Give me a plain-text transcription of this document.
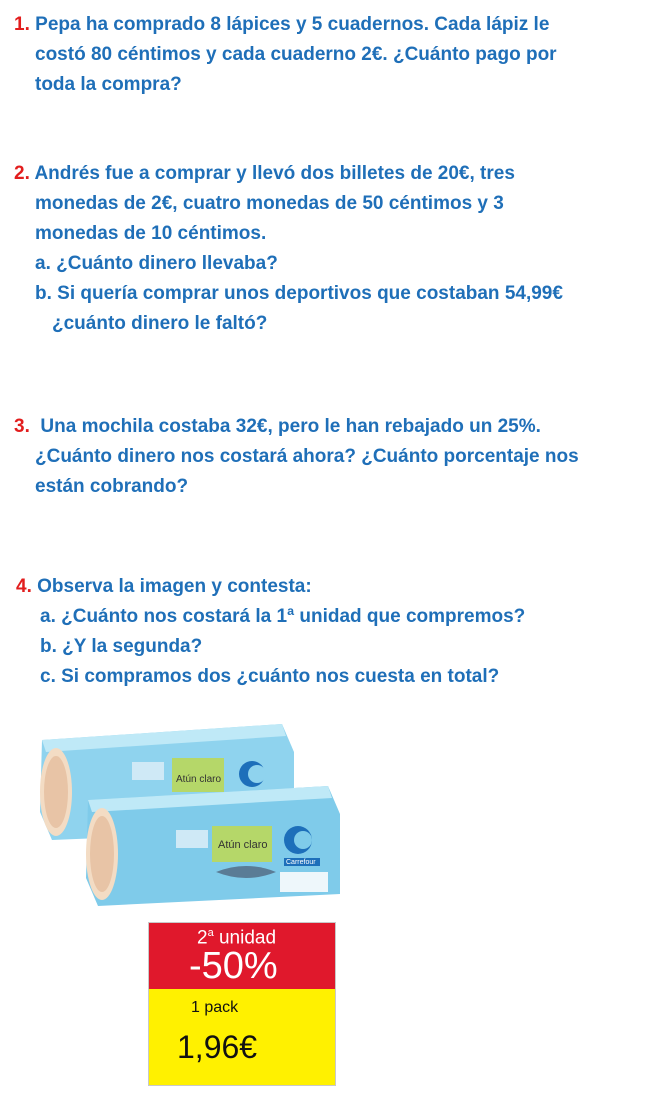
1. Pepa ha comprado 8 lápices y 5 cuadernos. Cada lápiz le
costó 80 céntimos y cada cuaderno 2€. ¿Cuánto pago por
toda la compra?
2. Andrés fue a comprar y llevó dos billetes de 20€, tres
monedas de 2€, cuatro monedas de 50 céntimos y 3
monedas de 10 céntimos.
a. ¿Cuánto dinero llevaba?
b. Si quería comprar unos deportivos que costaban 54,99€
¿cuánto dinero le faltó?
3. Una mochila costaba 32€, pero le han rebajado un 25%.
¿Cuánto dinero nos costará ahora? ¿Cuánto porcentaje nos
están cobrando?
4. Observa la imagen y contesta:
a. ¿Cuánto nos costará la 1ª unidad que compremos?
b. ¿Y la segunda?
c. Si compramos dos ¿cuánto nos cuesta en total?
Atún claro
Atún claro
Carrefour
2$^a$ unidad
-50%
1 pack
1,96€
